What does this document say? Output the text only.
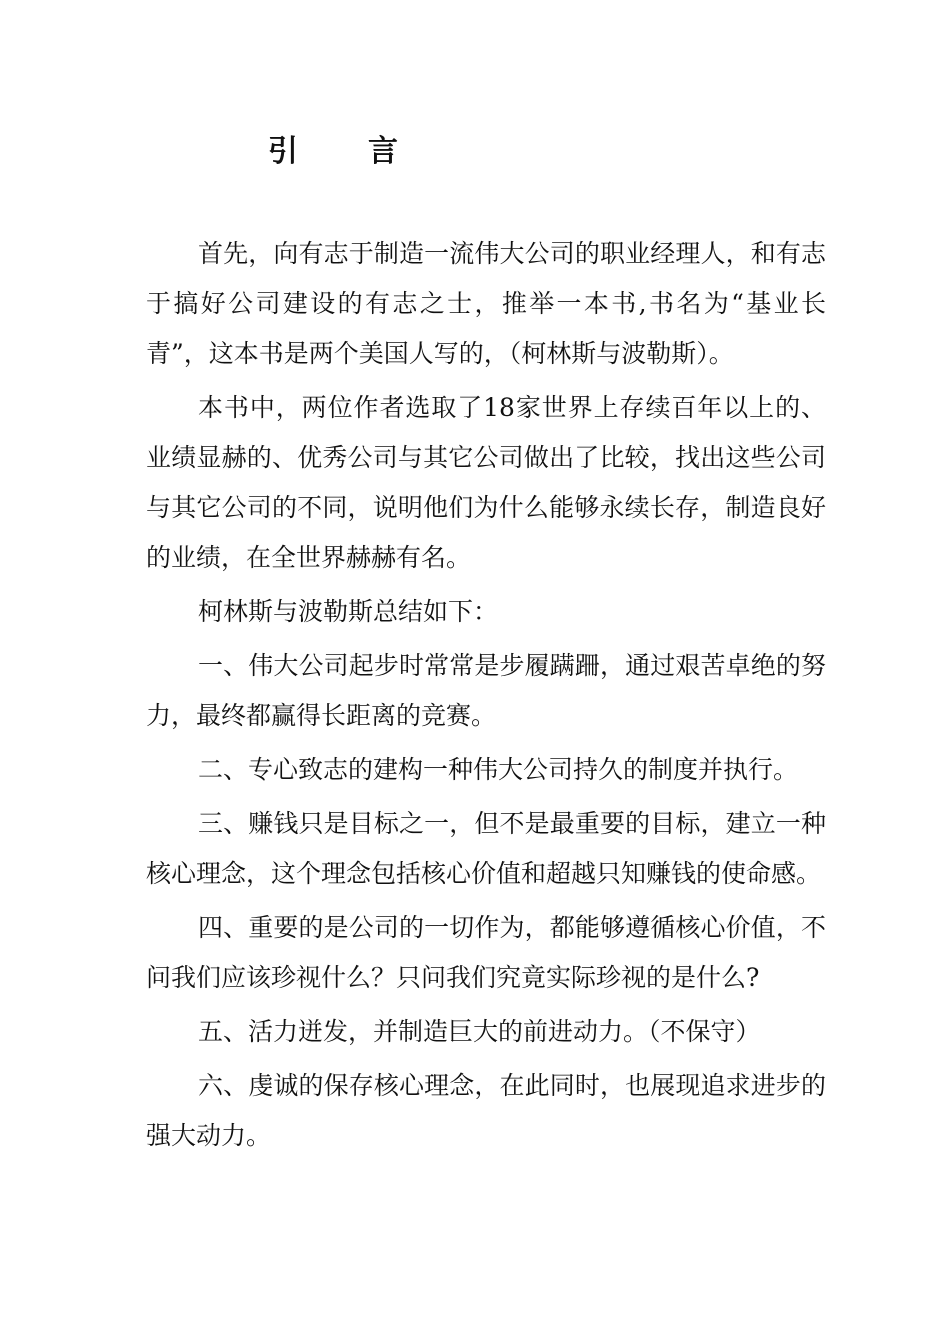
引 言

首先，向有志于制造一流伟大公司的职业经理人，和有志于搞好公司建设的有志之士，推举一本书,书名为“基业长青”，这本书是两个美国人写的，（柯林斯与波勒斯）。

本书中，两位作者选取了18家世界上存续百年以上的、业绩显赫的、优秀公司与其它公司做出了比较，找出这些公司与其它公司的不同，说明他们为什么能够永续长存，制造良好的业绩，在全世界赫赫有名。

柯林斯与波勒斯总结如下：

一、伟大公司起步时常常是步履蹒跚，通过艰苦卓绝的努力，最终都赢得长距离的竞赛。

二、专心致志的建构一种伟大公司持久的制度并执行。

三、赚钱只是目标之一，但不是最重要的目标，建立一种核心理念，这个理念包括核心价值和超越只知赚钱的使命感。

四、重要的是公司的一切作为，都能够遵循核心价值，不问我们应该珍视什么？只问我们究竟实际珍视的是什么?

五、活力迸发，并制造巨大的前进动力。（不保守）

六、虔诚的保存核心理念，在此同时，也展现追求进步的强大动力。
